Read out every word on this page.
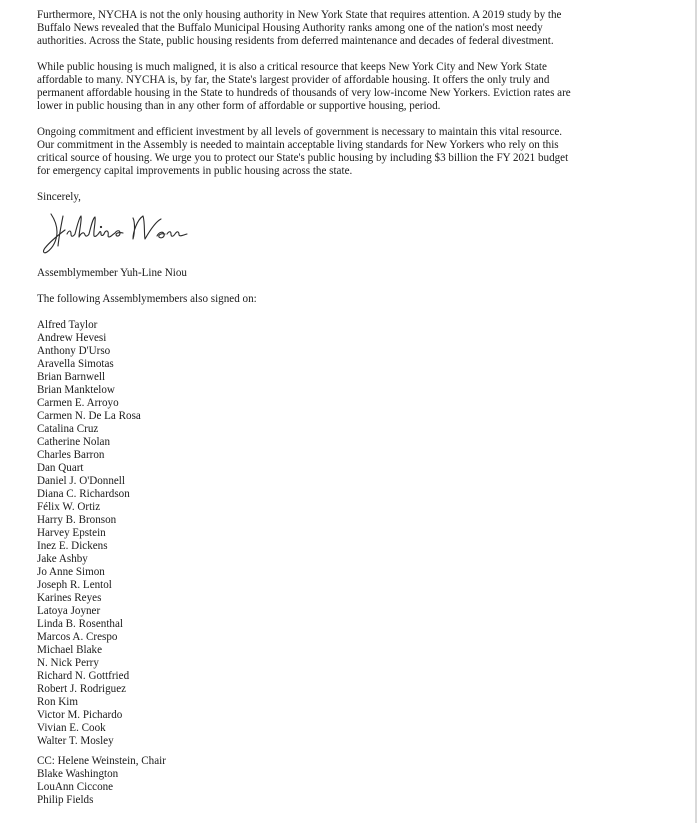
Furthermore, NYCHA is not the only housing authority in New York State that requires attention. A 2019 study by the
Buffalo News revealed that the Buffalo Municipal Housing Authority ranks among one of the nation's most needy
authorities. Across the State, public housing residents from deferred maintenance and decades of federal divestment.

While public housing is much maligned, it is also a critical resource that keeps New York City and New York State
affordable to many. NYCHA is, by far, the State's largest provider of affordable housing. It offers the only truly and
permanent affordable housing in the State to hundreds of thousands of very low-income New Yorkers. Eviction rates are
lower in public housing than in any other form of affordable or supportive housing, period.

Ongoing commitment and efficient investment by all levels of government is necessary to maintain this vital resource.
Our commitment in the Assembly is needed to maintain acceptable living standards for New Yorkers who rely on this
critical source of housing. We urge you to protect our State's public housing by including $3 billion the FY 2021 budget
for emergency capital improvements in public housing across the state.

Sincerely,

Assemblymember Yuh-Line Niou

The following Assemblymembers also signed on:

Alfred Taylor
Andrew Hevesi
Anthony D'Urso
Aravella Simotas
Brian Barnwell
Brian Manktelow
Carmen E. Arroyo
Carmen N. De La Rosa
Catalina Cruz
Catherine Nolan
Charles Barron
Dan Quart
Daniel J. O'Donnell
Diana C. Richardson
Félix W. Ortiz
Harry B. Bronson
Harvey Epstein
Inez E. Dickens
Jake Ashby
Jo Anne Simon
Joseph R. Lentol
Karines Reyes
Latoya Joyner
Linda B. Rosenthal
Marcos A. Crespo
Michael Blake
N. Nick Perry
Richard N. Gottfried
Robert J. Rodriguez
Ron Kim
Victor M. Pichardo
Vivian E. Cook
Walter T. Mosley
CC: Helene Weinstein, Chair
Blake Washington
LouAnn Ciccone
Philip Fields
